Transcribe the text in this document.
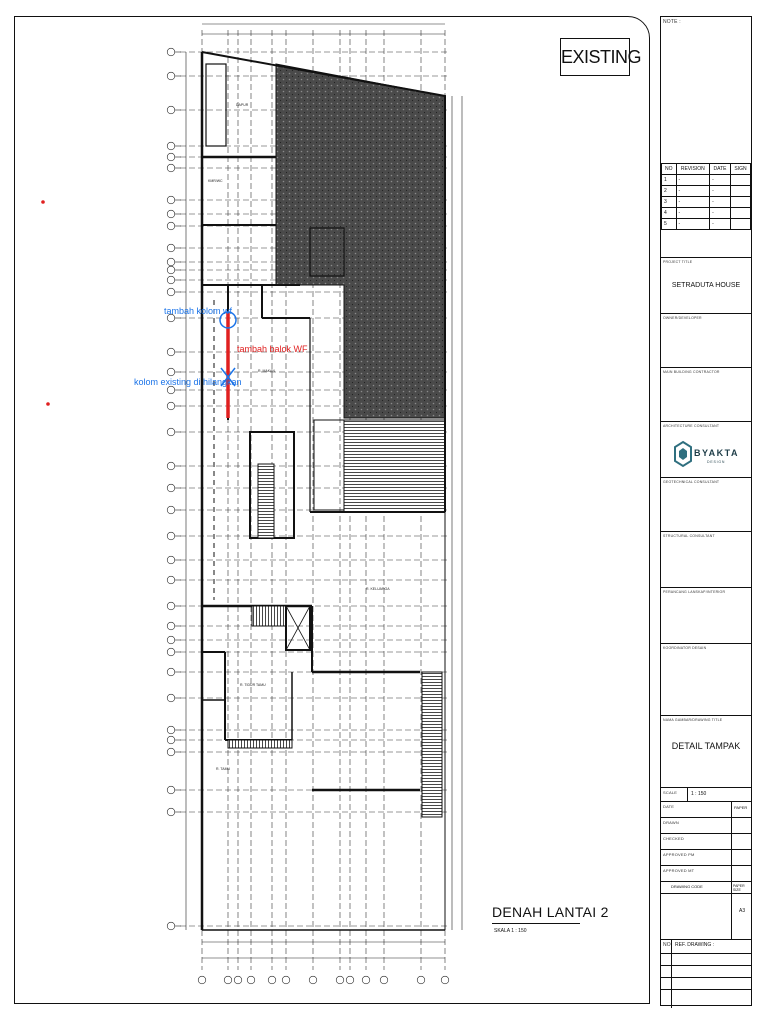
DAPUR
KMR/WC
R. MAKAN
R. KELUARGA
R. TIDUR TAMU
R. TAMU
tambah kolom wf
tambah balok WF
kolom existing di hilangkan
EXISTING
DENAH LANTAI 2
SKALA 1 : 150
NOTE :
NO	REVISION	DATE	SIGN
1	-	-	
2	-	-	
3	-	-	
4	-	-	
5	-	-	
PROJECT TITLE
SETRADUTA HOUSE
OWNER/DEVELOPER
MAIN BUILDING CONTRACTOR
ARCHITECTURE CONSULTANT
BYAKTA
DESIGN
GEOTECHNICAL CONSULTANT
STRUCTURAL CONSULTANT
PERANCANG LANSKAP/INTERIOR
KOORDINATOR DESAIN
NAMA GAMBAR/DRAWING TITLE
DETAIL TAMPAK
SCALE	1 : 150
DATE	PAPER
DRAWN
CHECKED
APPROVED PM
APPROVED MT
DRAWING CODE	PAPER SIZE
A3
NO REF. DRAWING :
